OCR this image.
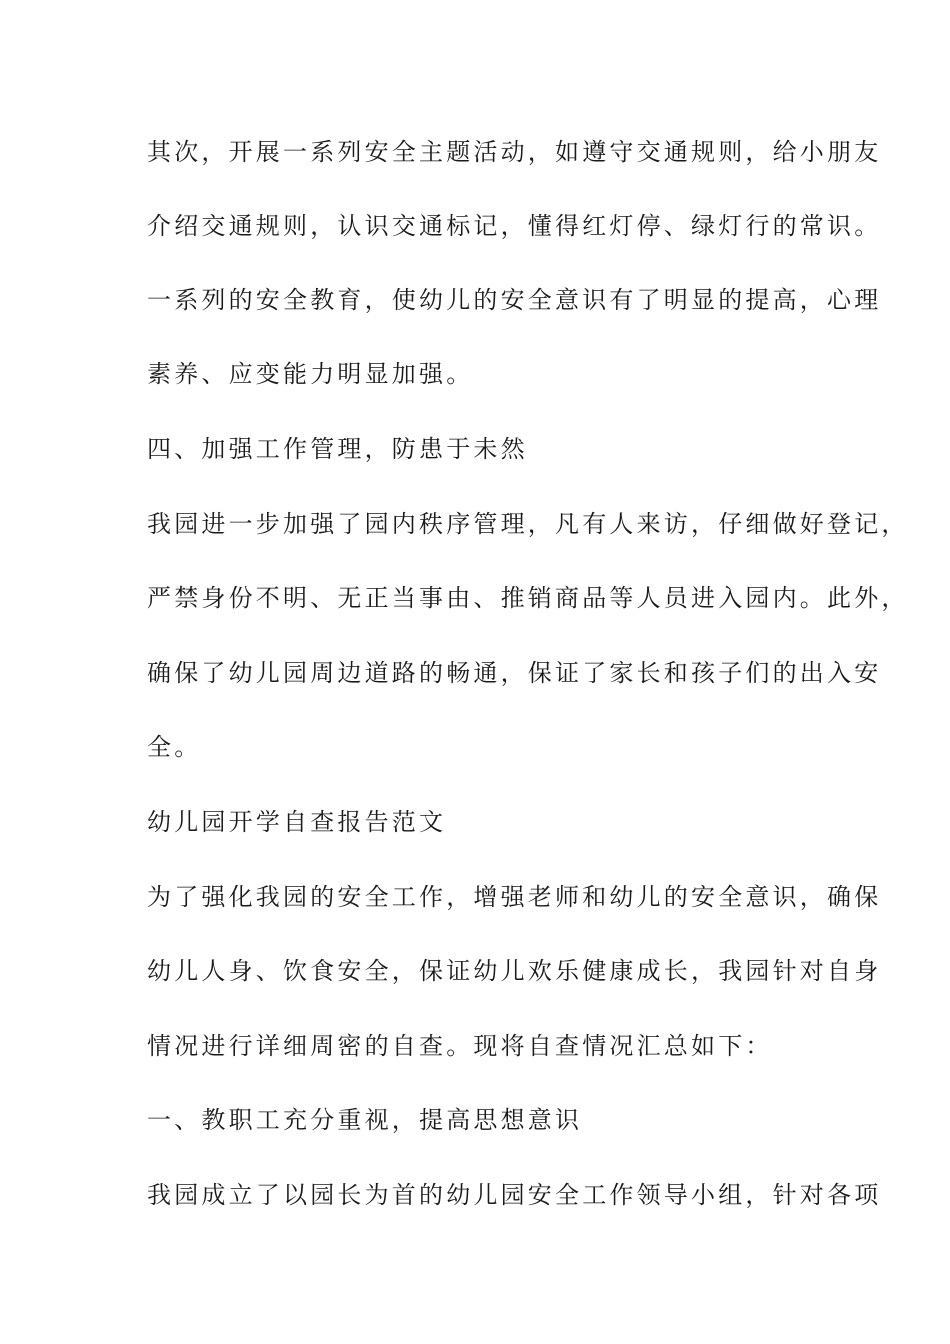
其次，开展一系列安全主题活动，如遵守交通规则，给小朋友
介绍交通规则，认识交通标记，懂得红灯停、绿灯行的常识。
一系列的安全教育，使幼儿的安全意识有了明显的提高，心理
素养、应变能力明显加强。
四、加强工作管理，防患于未然
我园进一步加强了园内秩序管理，凡有人来访，仔细做好登记，
严禁身份不明、无正当事由、推销商品等人员进入园内。此外，
确保了幼儿园周边道路的畅通，保证了家长和孩子们的出入安
全。
幼儿园开学自查报告范文
为了强化我园的安全工作，增强老师和幼儿的安全意识，确保
幼儿人身、饮食安全，保证幼儿欢乐健康成长，我园针对自身
情况进行详细周密的自查。现将自查情况汇总如下：
一、教职工充分重视，提高思想意识
我园成立了以园长为首的幼儿园安全工作领导小组，针对各项
